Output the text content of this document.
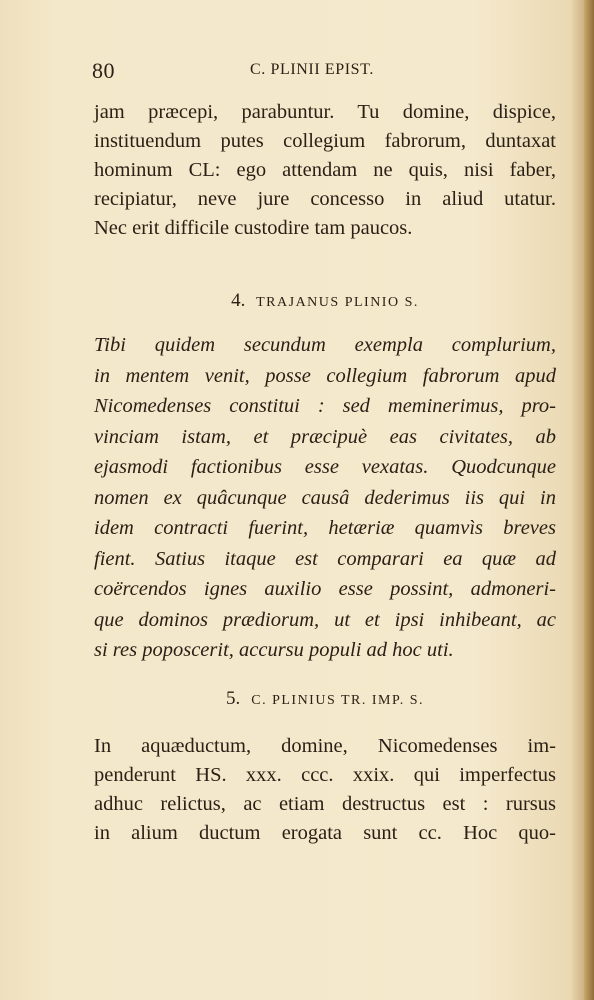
80	C. PLINII EPIST.
jam præcepi, parabuntur. Tu domine, dispice,
instituendum putes collegium fabrorum, duntaxat
hominum CL: ego attendam ne quis, nisi faber,
recipiatur, neve jure concesso in aliud utatur.
Nec erit difficile custodire tam paucos.
4. TRAJANUS PLINIO S.
Tibi quidem secundum exempla complurium,
in mentem venit, posse collegium fabrorum apud
Nicomedenses constitui : sed meminerimus, pro-
vinciam istam, et præcipuè eas civitates, ab
ejasmodi factionibus esse vexatas. Quodcunque
nomen ex quâcunque causâ dederimus iis qui in
idem contracti fuerint, hetæriæ quamvìs breves
fient. Satius itaque est comparari ea quæ ad
coërcendos ignes auxilio esse possint, admoneri-
que dominos prædiorum, ut et ipsi inhibeant, ac
si res poposcerit, accursu populi ad hoc uti.
5. C. PLINIUS TR. IMP. S.
In aquæductum, domine, Nicomedenses im-
penderunt HS. xxx. ccc. xxix. qui imperfectus
adhuc relictus, ac etiam destructus est : rursus
in alium ductum erogata sunt cc. Hoc quo-
